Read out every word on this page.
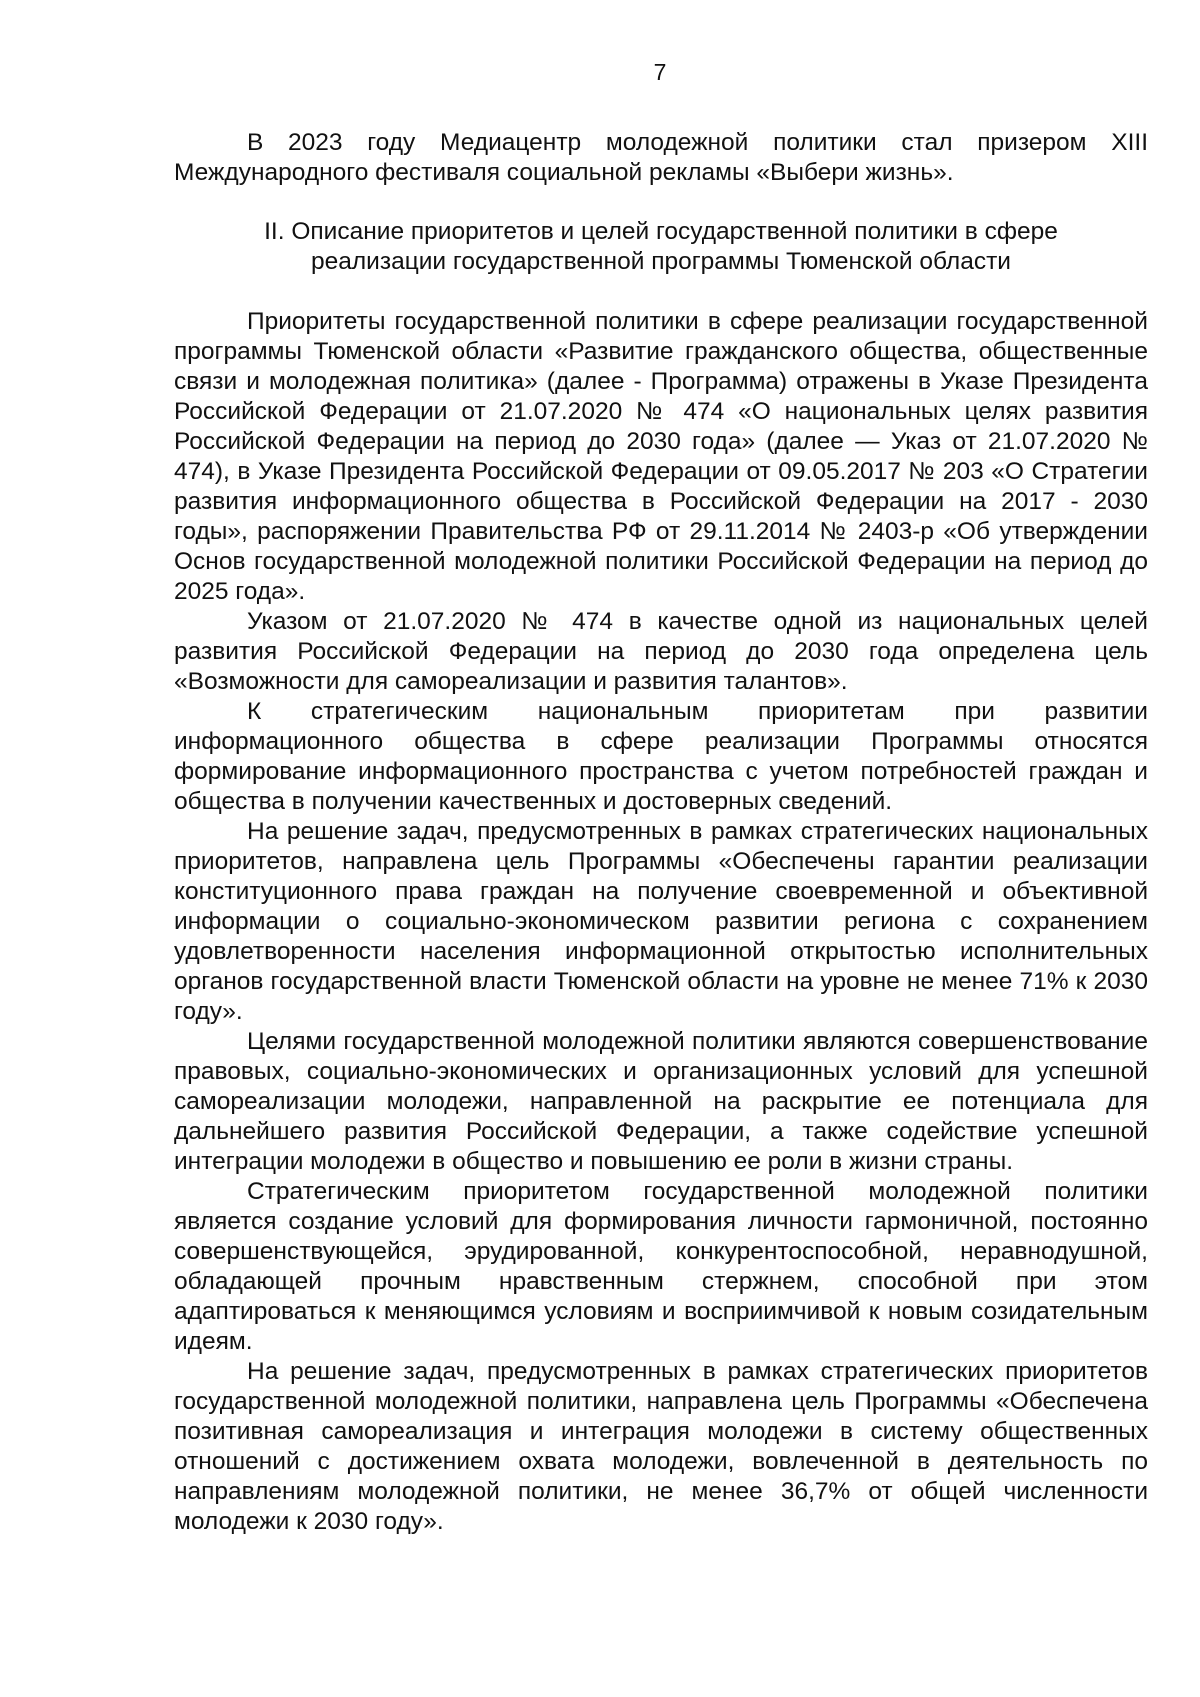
7

В 2023 году Медиацентр молодежной политики стал призером XIII Международного фестиваля социальной рекламы «Выбери жизнь».

II. Описание приоритетов и целей государственной политики в сфере
реализации государственной программы Тюменской области

Приоритеты государственной политики в сфере реализации государственной программы Тюменской области «Развитие гражданского общества, общественные связи и молодежная политика» (далее - Программа) отражены в Указе Президента Российской Федерации от 21.07.2020 № 474 «О национальных целях развития Российской Федерации на период до 2030 года» (далее — Указ от 21.07.2020 № 474), в Указе Президента Российской Федерации от 09.05.2017 № 203 «О Стратегии развития информационного общества в Российской Федерации на 2017 - 2030 годы», распоряжении Правительства РФ от 29.11.2014 № 2403-р «Об утверждении Основ государственной молодежной политики Российской Федерации на период до 2025 года».

Указом от 21.07.2020 № 474 в качестве одной из национальных целей развития Российской Федерации на период до 2030 года определена цель «Возможности для самореализации и развития талантов».

К стратегическим национальным приоритетам при развитии информационного общества в сфере реализации Программы относятся формирование информационного пространства с учетом потребностей граждан и общества в получении качественных и достоверных сведений.

На решение задач, предусмотренных в рамках стратегических национальных приоритетов, направлена цель Программы «Обеспечены гарантии реализации конституционного права граждан на получение своевременной и объективной информации о социально-экономическом развитии региона с сохранением удовлетворенности населения информационной открытостью исполнительных органов государственной власти Тюменской области на уровне не менее 71% к 2030 году».

Целями государственной молодежной политики являются совершенствование правовых, социально-экономических и организационных условий для успешной самореализации молодежи, направленной на раскрытие ее потенциала для дальнейшего развития Российской Федерации, а также содействие успешной интеграции молодежи в общество и повышению ее роли в жизни страны.

Стратегическим приоритетом государственной молодежной политики является создание условий для формирования личности гармоничной, постоянно совершенствующейся, эрудированной, конкурентоспособной, неравнодушной, обладающей прочным нравственным стержнем, способной при этом адаптироваться к меняющимся условиям и восприимчивой к новым созидательным идеям.

На решение задач, предусмотренных в рамках стратегических приоритетов государственной молодежной политики, направлена цель Программы «Обеспечена позитивная самореализация и интеграция молодежи в систему общественных отношений с достижением охвата молодежи, вовлеченной в деятельность по направлениям молодежной политики, не менее 36,7% от общей численности молодежи к 2030 году».
